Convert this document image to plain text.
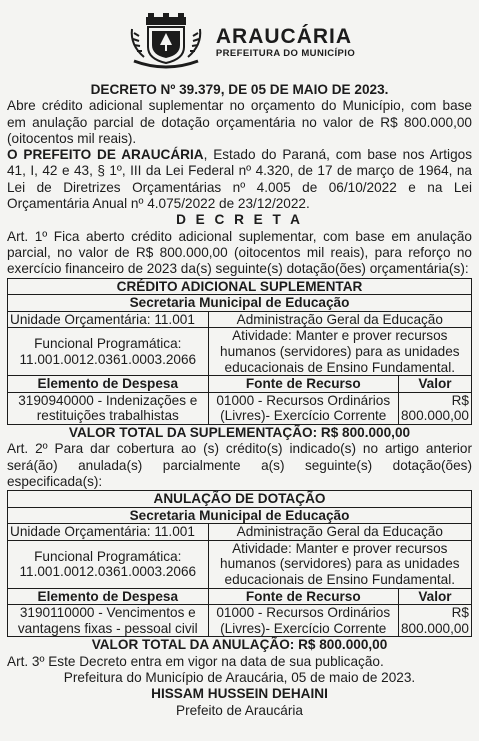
ARAUCÁRIA
PREFEITURA DO MUNICÍPIO

DECRETO Nº 39.379, DE 05 DE MAIO DE 2023.

Abre crédito adicional suplementar no orçamento do Município, com base em anulação parcial de dotação orçamentária no valor de R$ 800.000,00 (oitocentos mil reais).

O PREFEITO DE ARAUCÁRIA, Estado do Paraná, com base nos Artigos 41, I, 42 e 43, § 1º, III da Lei Federal nº 4.320, de 17 de março de 1964, na Lei de Diretrizes Orçamentárias nº 4.005 de 06/10/2022 e na Lei Orçamentária Anual nº 4.075/2022 de 23/12/2022.

D E C R E T A

Art. 1º Fica aberto crédito adicional suplementar, com base em anulação parcial, no valor de R$ 800.000,00 (oitocentos mil reais), para reforço no exercício financeiro de 2023 da(s) seguinte(s) dotação(ões) orçamentária(s):

CRÉDITO ADICIONAL SUPLEMENTAR		
Secretaria Municipal de Educação		
Unidade Orçamentária: 11.001	Administração Geral da Educação	
Funcional Programática:
11.001.0012.0361.0003.2066	Atividade: Manter e prover recursos humanos (servidores) para as unidades educacionais de Ensino Fundamental.	
Elemento de Despesa	Fonte de Recurso	Valor
3190940000 - Indenizações e restituições trabalhistas	01000 - Recursos Ordinários (Livres)- Exercício Corrente	R$
800.000,00

VALOR TOTAL DA SUPLEMENTAÇÃO: R$ 800.000,00

Art. 2º Para dar cobertura ao (s) crédito(s) indicado(s) no artigo anterior será(ão) anulada(s) parcialmente a(s) seguinte(s) dotação(ões) especificada(s):

ANULAÇÃO DE DOTAÇÃO		
Secretaria Municipal de Educação		
Unidade Orçamentária: 11.001	Administração Geral da Educação	
Funcional Programática:
11.001.0012.0361.0003.2066	Atividade: Manter e prover recursos humanos (servidores) para as unidades educacionais de Ensino Fundamental.	
Elemento de Despesa	Fonte de Recurso	Valor
3190110000 - Vencimentos e vantagens fixas - pessoal civil	01000 - Recursos Ordinários (Livres)- Exercício Corrente	R$
800.000,00

VALOR TOTAL DA ANULAÇÃO: R$ 800.000,00

Art. 3º Este Decreto entra em vigor na data de sua publicação.

Prefeitura do Município de Araucária, 05 de maio de 2023.

HISSAM HUSSEIN DEHAINI

Prefeito de Araucária
